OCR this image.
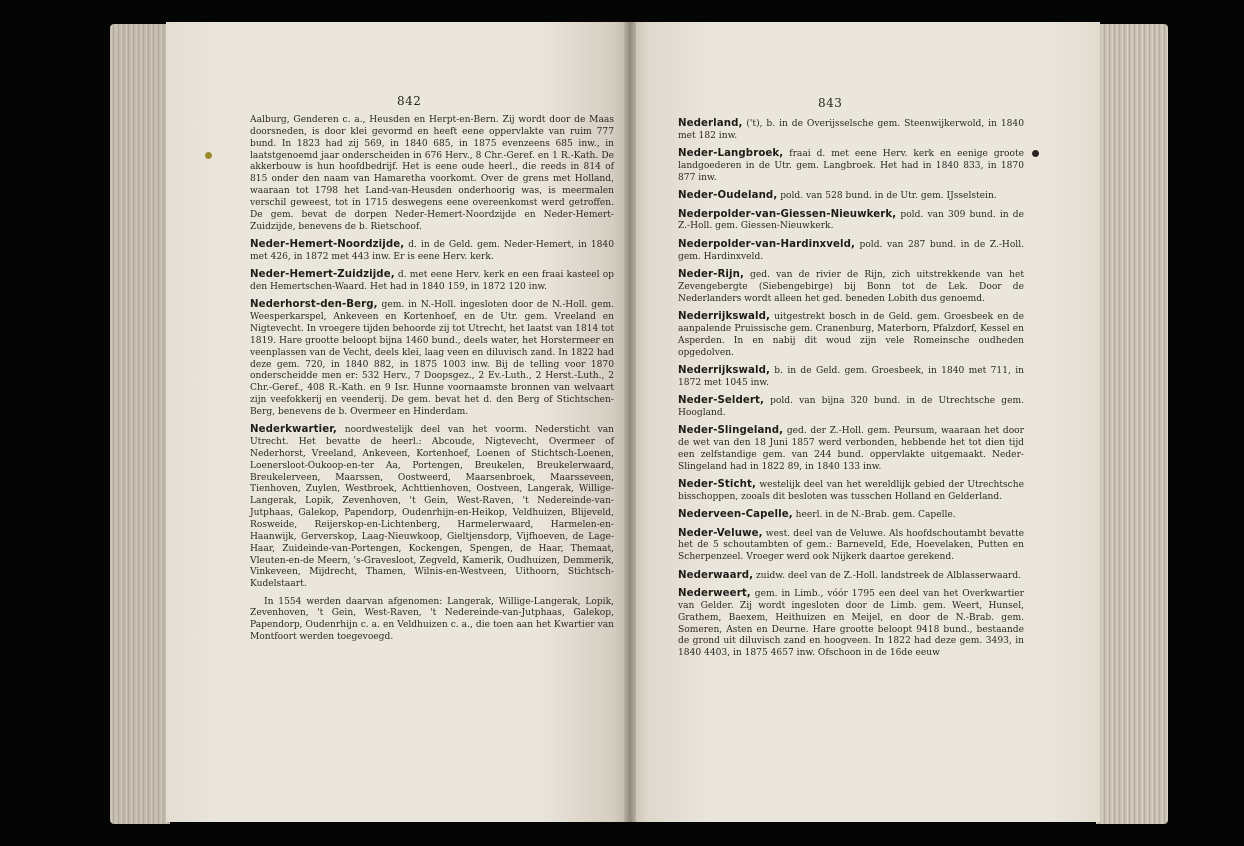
842	843

Aalburg, Genderen c. a., Heusden en Herpt-en-Bern. Zij wordt door de Maas doorsneden, is door klei gevormd en heeft eene oppervlakte van ruim 777 bund. In 1823 had zij 569, in 1840 685, in 1875 evenzeens 685 inw., in laatstgenoemd jaar onderscheiden in 676 Herv., 8 Chr.-Geref. en 1 R.-Kath. De akkerbouw is hun hoofdbedrijf. Het is eene oude heerl., die reeds in 814 of 815 onder den naam van Hamaretha voorkomt. Over de grens met Holland, waaraan tot 1798 het Land-van-Heusden onderhoorig was, is meermalen verschil geweest, tot in 1715 deswegens eene overeenkomst werd getroffen. De gem. bevat de dorpen Neder-Hemert-Noordzijde en Neder-Hemert-Zuidzijde, benevens de b. Rietschoof.

Neder-Hemert-Noordzijde, d. in de Geld. gem. Neder-Hemert, in 1840 met 426, in 1872 met 443 inw. Er is eene Herv. kerk.

Neder-Hemert-Zuidzijde, d. met eene Herv. kerk en een fraai kasteel op den Hemertschen-Waard. Het had in 1840 159, in 1872 120 inw.

Nederhorst-den-Berg, gem. in N.-Holl. ingesloten door de N.-Holl. gem. Weesperkarspel, Ankeveen en Kortenhoef, en de Utr. gem. Vreeland en Nigtevecht. In vroegere tijden behoorde zij tot Utrecht, het laatst van 1814 tot 1819. Hare grootte beloopt bijna 1460 bund., deels water, het Horstermeer en veenplassen van de Vecht, deels klei, laag veen en diluvisch zand. In 1822 had deze gem. 720, in 1840 882, in 1875 1003 inw. Bij de telling voor 1870 onderscheidde men er: 532 Herv., 7 Doopsgez., 2 Ev.-Luth., 2 Herst.-Luth., 2 Chr.-Geref., 408 R.-Kath. en 9 Isr. Hunne voornaamste bronnen van welvaart zijn veefokkerij en veenderij. De gem. bevat het d. den Berg of Stichtschen-Berg, benevens de b. Overmeer en Hinderdam.

Nederkwartier, noordwestelijk deel van het voorm. Nedersticht van Utrecht. Het bevatte de heerl.: Abcoude, Nigtevecht, Overmeer of Nederhorst, Vreeland, Ankeveen, Kortenhoef, Loenen of Stichtsch-Loenen, Loenersloot-Oukoop-en-ter Aa, Portengen, Breukelen, Breukelerwaard, Breukelerveen, Maarssen, Oostweerd, Maarsenbroek, Maarsseveen, Tienhoven, Zuylen, Westbroek, Achttienhoven, Oostveen, Langerak, Willige-Langerak, Lopik, Zevenhoven, 't Gein, West-Raven, 't Nedereinde-van-Jutphaas, Galekop, Papendorp, Oudenrhijn-en-Heikop, Veldhuizen, Blijeveld, Rosweide, Reijerskop-en-Lichtenberg, Harmelerwaard, Harmelen-en-Haanwijk, Gerverskop, Laag-Nieuwkoop, Gieltjensdorp, Vijfhoeven, de Lage-Haar, Zuideinde-van-Portengen, Kockengen, Spengen, de Haar, Themaat, Vleuten-en-de Meern, 's-Gravesloot, Zegveld, Kamerik, Oudhuizen, Demmerik, Vinkeveen, Mijdrecht, Thamen, Wilnis-en-Westveen, Uithoorn, Stichtsch-Kudelstaart.

In 1554 werden daarvan afgenomen: Langerak, Willige-Langerak, Lopik, Zevenhoven, 't Gein, West-Raven, 't Nedereinde-van-Jutphaas, Galekop, Papendorp, Oudenrhijn c. a. en Veldhuizen c. a., die toen aan het Kwartier van Montfoort werden toegevoegd.

Nederland, ('t), b. in de Overijsselsche gem. Steenwijkerwold, in 1840 met 182 inw.

Neder-Langbroek, fraai d. met eene Herv. kerk en eenige groote landgoederen in de Utr. gem. Langbroek. Het had in 1840 833, in 1870 877 inw.

Neder-Oudeland, pold. van 528 bund. in de Utr. gem. IJsselstein.

Nederpolder-van-Giessen-Nieuwkerk, pold. van 309 bund. in de Z.-Holl. gem. Giessen-Nieuwkerk.

Nederpolder-van-Hardinxveld, pold. van 287 bund. in de Z.-Holl. gem. Hardinxveld.

Neder-Rijn, ged. van de rivier de Rijn, zich uitstrekkende van het Zevengebergte (Siebengebirge) bij Bonn tot de Lek. Door de Nederlanders wordt alleen het ged. beneden Lobith dus genoemd.

Nederrijkswald, uitgestrekt bosch in de Geld. gem. Groesbeek en de aanpalende Pruissische gem. Cranenburg, Materborn, Pfalzdorf, Kessel en Asperden. In en nabij dit woud zijn vele Romeinsche oudheden opgedolven.

Nederrijkswald, b. in de Geld. gem. Groesbeek, in 1840 met 711, in 1872 met 1045 inw.

Neder-Seldert, pold. van bijna 320 bund. in de Utrechtsche gem. Hoogland.

Neder-Slingeland, ged. der Z.-Holl. gem. Peursum, waaraan het door de wet van den 18 Juni 1857 werd verbonden, hebbende het tot dien tijd een zelfstandige gem. van 244 bund. oppervlakte uitgemaakt. Neder-Slingeland had in 1822 89, in 1840 133 inw.

Neder-Sticht, westelijk deel van het wereldlijk gebied der Utrechtsche bisschoppen, zooals dit besloten was tusschen Holland en Gelderland.

Nederveen-Capelle, heerl. in de N.-Brab. gem. Capelle.

Neder-Veluwe, west. deel van de Veluwe. Als hoofdschoutambt bevatte het de 5 schoutambten of gem.: Barneveld, Ede, Hoevelaken, Putten en Scherpenzeel. Vroeger werd ook Nijkerk daartoe gerekend.

Nederwaard, zuidw. deel van de Z.-Holl. landstreek de Alblasserwaard.

Nederweert, gem. in Limb., vóór 1795 een deel van het Overkwartier van Gelder. Zij wordt ingesloten door de Limb. gem. Weert, Hunsel, Grathem, Baexem, Heithuizen en Meijel, en door de N.-Brab. gem. Someren, Asten en Deurne. Hare grootte beloopt 9418 bund., bestaande de grond uit diluvisch zand en hoogveen. In 1822 had deze gem. 3493, in 1840 4403, in 1875 4657 inw. Ofschoon in de 16de eeuw
